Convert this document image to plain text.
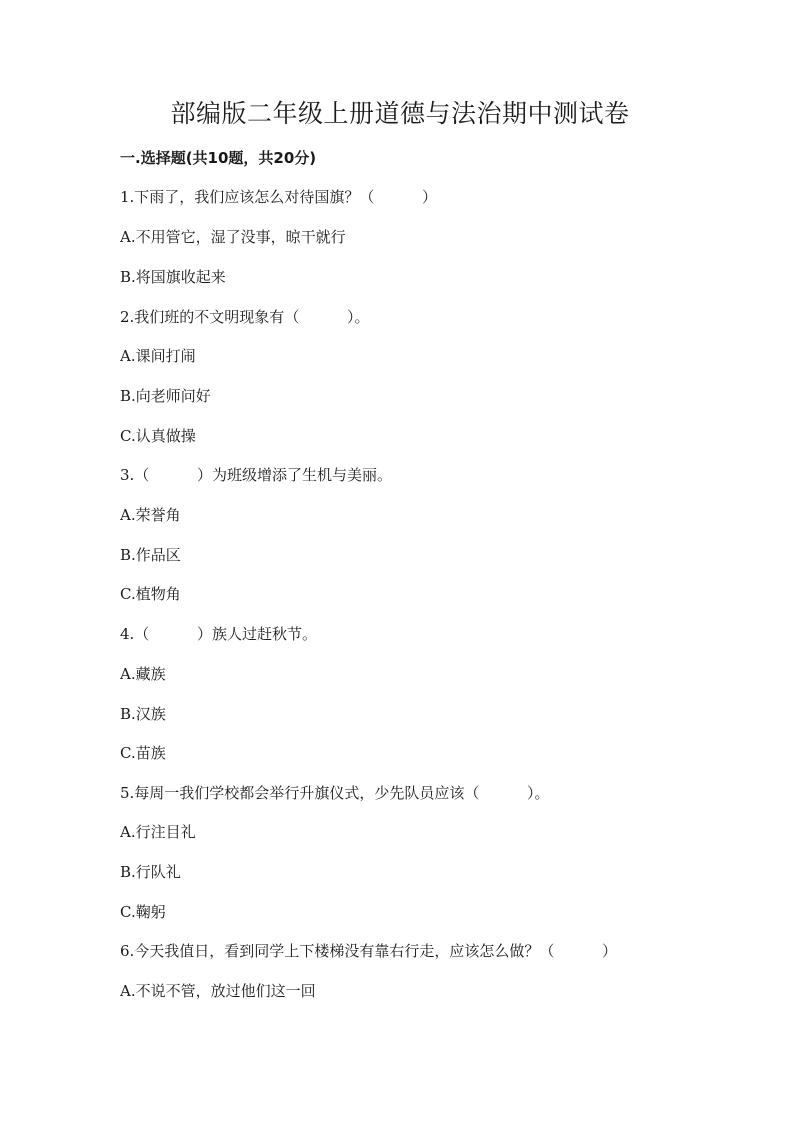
部编版二年级上册道德与法治期中测试卷
一.选择题(共10题，共20分)
1.下雨了，我们应该怎么对待国旗？（          ）
A.不用管它，湿了没事，晾干就行
B.将国旗收起来
2.我们班的不文明现象有（          ）。
A.课间打闹
B.向老师问好
C.认真做操
3.（          ）为班级增添了生机与美丽。
A.荣誉角
B.作品区
C.植物角
4.（          ）族人过赶秋节。
A.藏族
B.汉族
C.苗族
5.每周一我们学校都会举行升旗仪式，少先队员应该（          ）。
A.行注目礼
B.行队礼
C.鞠躬
6.今天我值日，看到同学上下楼梯没有靠右行走，应该怎么做？（          ）
A.不说不管，放过他们这一回
